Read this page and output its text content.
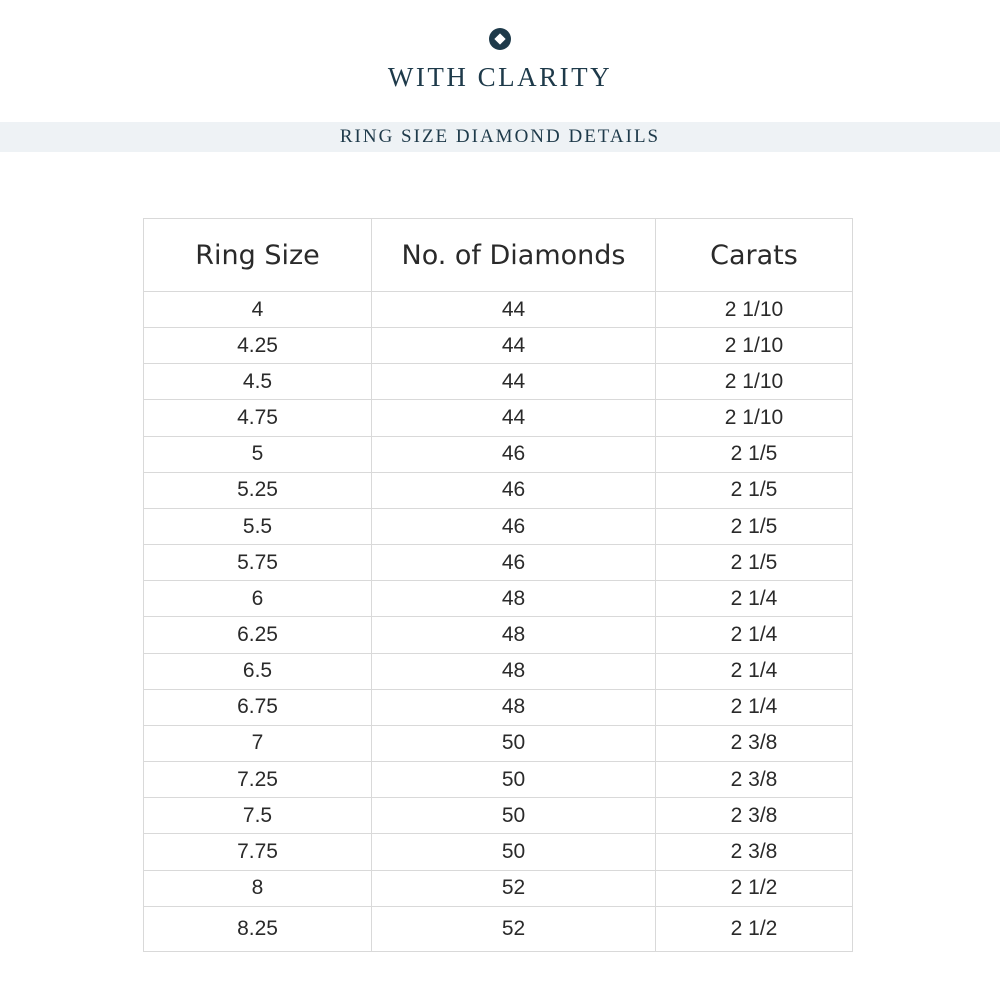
WITH CLARITY
RING SIZE DIAMOND DETAILS
Ring Size	No. of Diamonds	Carats
4	44	2 1/10
4.25	44	2 1/10
4.5	44	2 1/10
4.75	44	2 1/10
5	46	2 1/5
5.25	46	2 1/5
5.5	46	2 1/5
5.75	46	2 1/5
6	48	2 1/4
6.25	48	2 1/4
6.5	48	2 1/4
6.75	48	2 1/4
7	50	2 3/8
7.25	50	2 3/8
7.5	50	2 3/8
7.75	50	2 3/8
8	52	2 1/2
8.25	52	2 1/2
